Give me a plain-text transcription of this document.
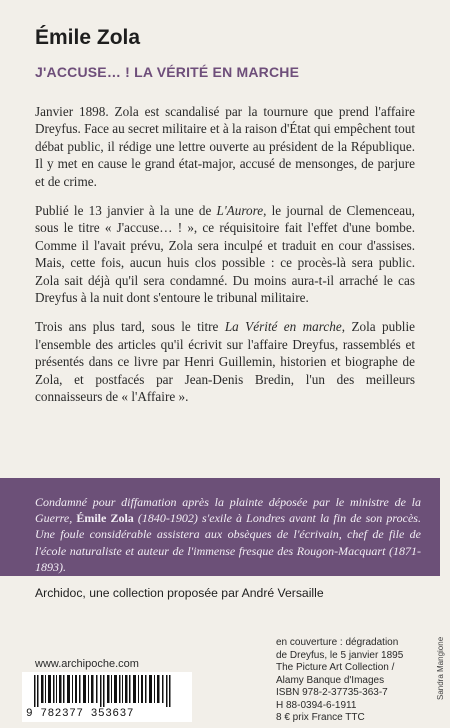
Émile Zola
J'ACCUSE… ! LA VÉRITÉ EN MARCHE

Janvier 1898. Zola est scandalisé par la tournure que prend l'affaire Dreyfus. Face au secret militaire et à la raison d'État qui empêchent tout débat public, il rédige une lettre ouverte au président de la République. Il y met en cause le grand état-major, accusé de mensonges, de parjure et de crime.

Publié le 13 janvier à la une de L'Aurore, le journal de Clemenceau, sous le titre « J'accuse… ! », ce réquisitoire fait l'effet d'une bombe. Comme il l'avait prévu, Zola sera inculpé et traduit en cour d'assises. Mais, cette fois, aucun huis clos possible : ce procès-là sera public. Zola sait déjà qu'il sera condamné. Du moins aura-t-il arraché le cas Dreyfus à la nuit dont s'entoure le tribunal militaire.

Trois ans plus tard, sous le titre La Vérité en marche, Zola publie l'ensemble des articles qu'il écrivit sur l'affaire Dreyfus, rassemblés et présentés dans ce livre par Henri Guillemin, historien et biographe de Zola, et postfacés par Jean-Denis Bredin, l'un des meilleurs connaisseurs de « l'Affaire ».

Condamné pour diffamation après la plainte déposée par le ministre de la Guerre, Émile Zola (1840-1902) s'exile à Londres avant la fin de son procès. Une foule considérable assistera aux obsèques de l'écrivain, chef de file de l'école naturaliste et auteur de l'immense fresque des Rougon-Macquart (1871-1893).

Archidoc, une collection proposée par André Versaille

en couverture : dégradation
de Dreyfus, le 5 janvier 1895
The Picture Art Collection /
Alamy Banque d'Images
ISBN 978-2-37735-363-7
H 88-0394-6-1911
8 € prix France TTC
www.archipoche.com
9 782377 353637
Sandra Mangione
